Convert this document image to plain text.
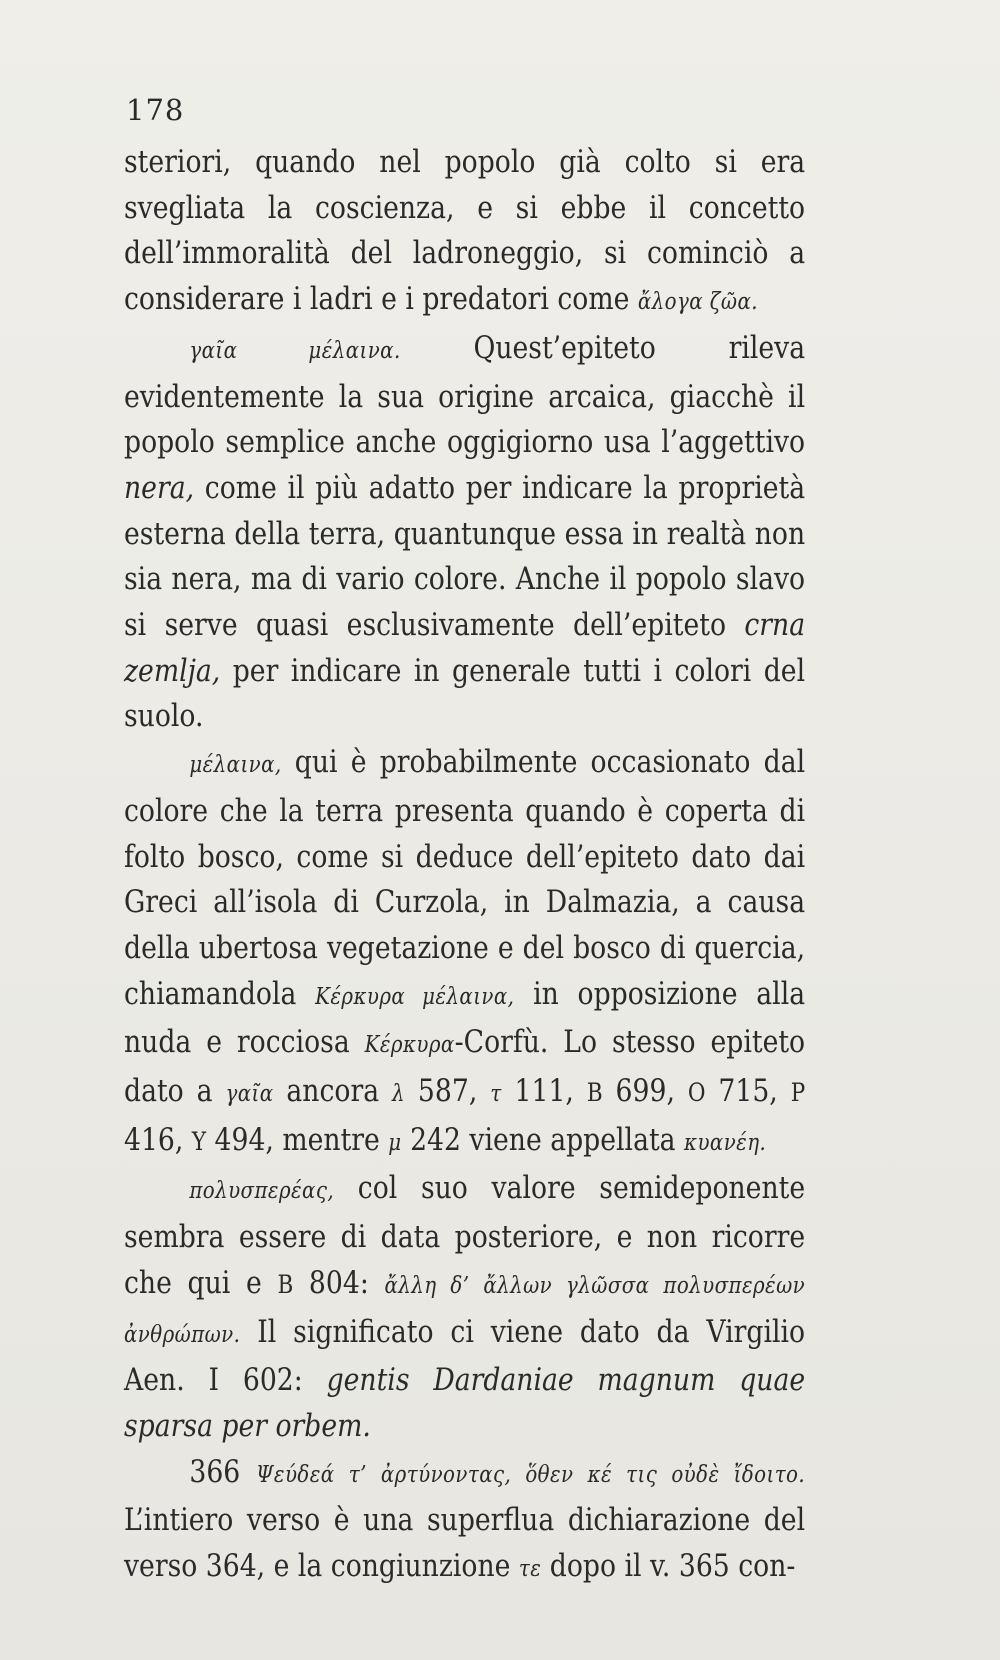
178

steriori, quando nel popolo già colto si era svegliata la coscienza, e si ebbe il concetto dell’immoralità del ladroneggio, si cominciò a considerare i ladri e i predatori come ἄλογα ζῶα.

γαῖα μέλαινα. Quest’epiteto rileva evidentemente la sua origine arcaica, giacchè il popolo semplice anche oggigiorno usa l’aggettivo nera, come il più adatto per indicare la proprietà esterna della terra, quantunque essa in realtà non sia nera, ma di vario colore. Anche il popolo slavo si serve quasi esclusivamente dell’epiteto crna zemlja, per indicare in generale tutti i colori del suolo.

μέλαινα, qui è probabilmente occasionato dal colore che la terra presenta quando è coperta di folto bosco, come si deduce dell’epiteto dato dai Greci all’isola di Curzola, in Dalmazia, a causa della ubertosa vegetazione e del bosco di quercia, chiamandola Κέρκυρα μέλαινα, in opposizione alla nuda e rocciosa Κέρκυρα-Corfù. Lo stesso epiteto dato a γαῖα ancora λ 587, τ 111, B 699, O 715, P 416, Υ 494, mentre μ 242 viene appellata κυανέη.

πολυσπερέας, col suo valore semideponente sembra essere di data posteriore, e non ricorre che qui e B 804: ἄλλη δ’ ἄλλων γλῶσσα πολυσπερέων ἀνθρώπων. Il significato ci viene dato da Virgilio Aen. I 602: gentis Dardaniae magnum quae sparsa per orbem.

366 Ψεύδεά τ’ ἀρτύνοντας, ὅθεν κέ τις οὐδὲ ἴδοιτο. L’intiero verso è una superflua dichiarazione del verso 364, e la congiunzione τε dopo il v. 365 con-
